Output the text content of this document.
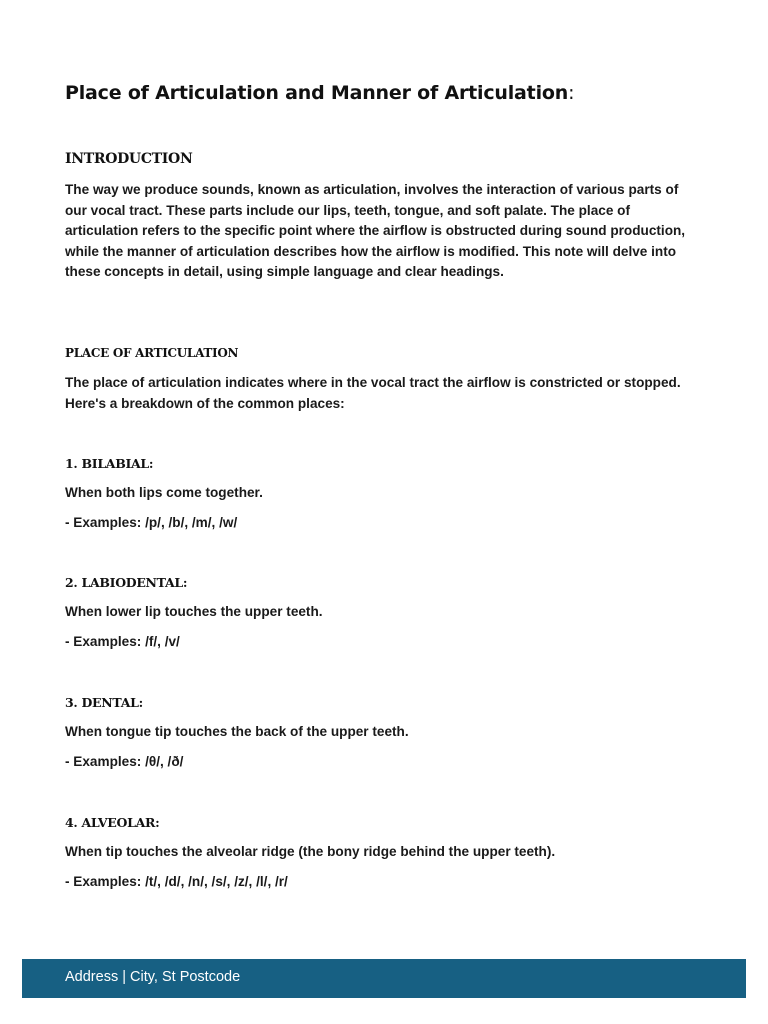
Place of Articulation and Manner of Articulation:
INTRODUCTION
The way we produce sounds, known as articulation, involves the interaction of various parts of our vocal tract. These parts include our lips, teeth, tongue, and soft palate. The place of articulation refers to the specific point where the airflow is obstructed during sound production, while the manner of articulation describes how the airflow is modified. This note will delve into these concepts in detail, using simple language and clear headings.
PLACE OF ARTICULATION
The place of articulation indicates where in the vocal tract the airflow is constricted or stopped. Here's a breakdown of the common places:
1. BILABIAL:
When both lips come together.
- Examples: /p/, /b/, /m/, /w/
2. LABIODENTAL:
When lower lip touches the upper teeth.
- Examples: /f/, /v/
3. DENTAL:
When tongue tip touches the back of the upper teeth.
- Examples: /θ/, /ð/
4. ALVEOLAR:
When tip touches the alveolar ridge (the bony ridge behind the upper teeth).
- Examples: /t/, /d/, /n/, /s/, /z/, /l/, /r/
Address | City, St Postcode
